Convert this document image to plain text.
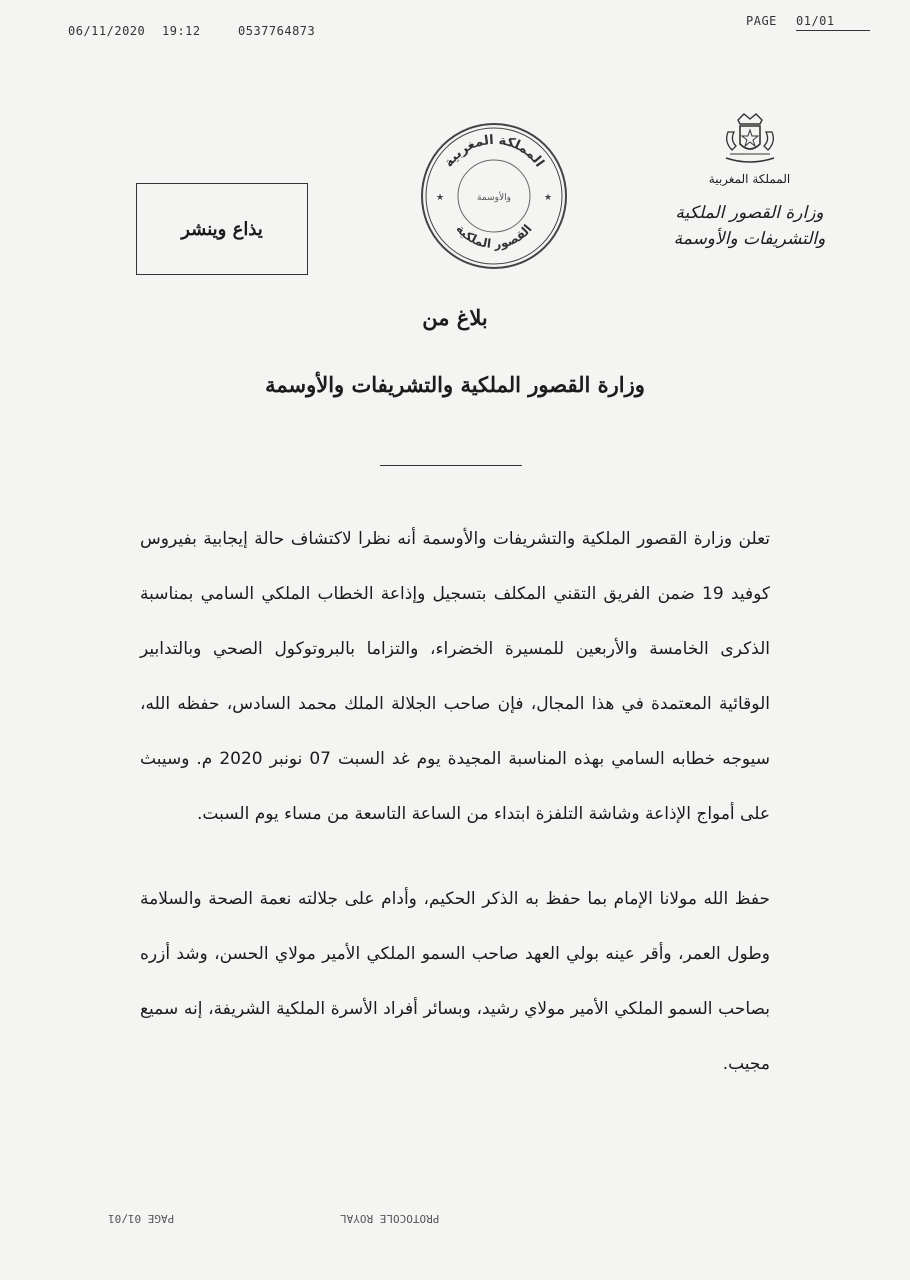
06/11/2020 19:12	0537764873
PAGE 01/01
المملكة المغربية
وزارة القصور الملكية
والتشريفات والأوسمة
المملكة المغربية
القصور الملكية
والأوسمة
★	★
يذاع وينشر
بلاغ من
وزارة القصور الملكية والتشريفات والأوسمة

تعلن وزارة القصور الملكية والتشريفات والأوسمة أنه نظرا لاكتشاف حالة إيجابية بفيروس كوفيد 19 ضمن الفريق التقني المكلف بتسجيل وإذاعة الخطاب الملكي السامي بمناسبة الذكرى الخامسة والأربعين للمسيرة الخضراء، والتزاما بالبروتوكول الصحي وبالتدابير الوقائية المعتمدة في هذا المجال، فإن صاحب الجلالة الملك محمد السادس، حفظه الله، سيوجه خطابه السامي بهذه المناسبة المجيدة يوم غد السبت 07 نونبر 2020 م. وسيبث على أمواج الإذاعة وشاشة التلفزة ابتداء من الساعة التاسعة من مساء يوم السبت.

حفظ الله مولانا الإمام بما حفظ به الذكر الحكيم، وأدام على جلالته نعمة الصحة والسلامة وطول العمر، وأقر عينه بولي العهد صاحب السمو الملكي الأمير مولاي الحسن، وشد أزره بصاحب السمو الملكي الأمير مولاي رشيد، وبسائر أفراد الأسرة الملكية الشريفة، إنه سميع مجيب.

PAGE 01/01	PROTOCOLE ROYAL
